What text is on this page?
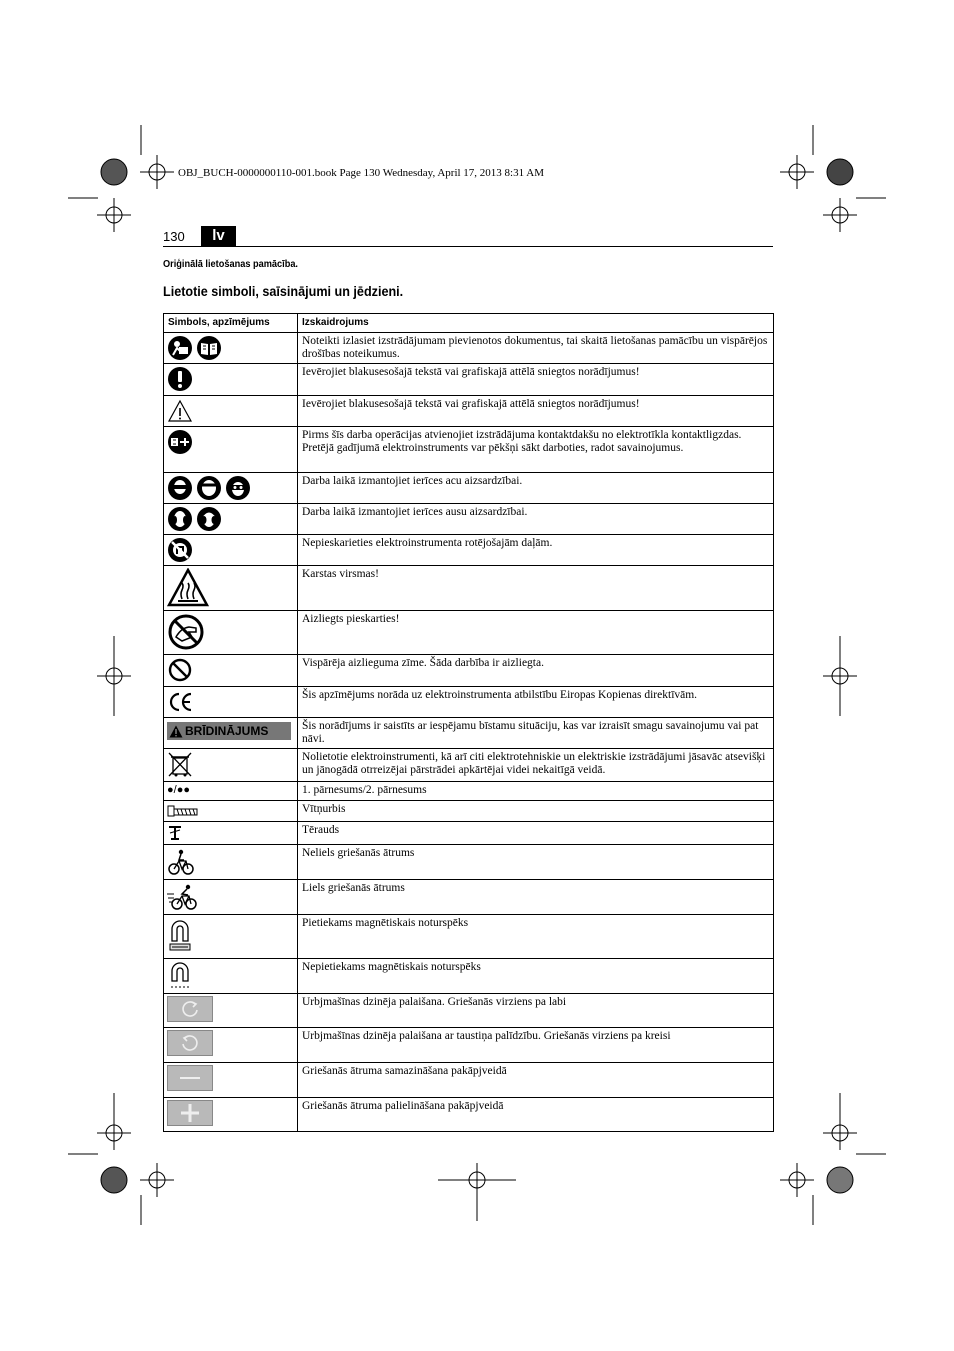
OBJ_BUCH-0000000110-001.book Page 130 Wednesday, April 17, 2013 8:31 AM
130	lv
Oriģinālā lietošanas pamācība.
Lietotie simboli, saīsinājumi un jēdzieni.
Simbols, apzīmējums	Izskaidrojums

	Noteikti izlasiet izstrādājumam pievienotos dokumentus, tai skaitā lietošanas pamācību un vispārējos drošības noteikumus.

	Ievērojiet blakusesošajā tekstā vai grafiskajā attēlā sniegtos norādījumus!

	Ievērojiet blakusesošajā tekstā vai grafiskajā attēlā sniegtos norādījumus!

	Pirms šīs darba operācijas atvienojiet izstrādājuma kontaktdakšu no elektrotīkla kontaktligzdas. Pretējā gadījumā elektroinstruments var pēkšņi sākt darboties, radot savainojumus.

	Darba laikā izmantojiet ierīces acu aizsardzībai.

	Darba laikā izmantojiet ierīces ausu aizsardzībai.

	Nepieskarieties elektroinstrumenta rotējošajām daļām.

	Karstas virsmas!

	Aizliegts pieskarties!

	Vispārēja aizlieguma zīme. Šāda darbība ir aizliegta.

	Šis apzīmējums norāda uz elektroinstrumenta atbilstību Eiropas Kopienas direktīvām.

BRĪDINĀJUMS	Šis norādījums ir saistīts ar iespējamu bīstamu situāciju, kas var izraisīt smagu savainojumu vai pat nāvi.

	Nolietotie elektroinstrumenti, kā arī citi elektrotehniskie un elektriskie izstrādājumi jāsavāc atsevišķi un jānogādā otrreizējai pārstrādei apkārtējai videi nekaitīgā veidā.

●/●●	1. pārnesums/2. pārnesums

	Vītņurbis

	Tērauds

	Neliels griešanās ātrums

	Liels griešanās ātrums

	Pietiekams magnētiskais noturspēks

	Nepietiekams magnētiskais noturspēks

	Urbjmašīnas dzinēja palaišana. Griešanās virziens pa labi

	Urbjmašīnas dzinēja palaišana ar taustiņa palīdzību. Griešanās virziens pa kreisi

	Griešanās ātruma samazināšana pakāpjveidā

	Griešanās ātruma palielināšana pakāpjveidā
